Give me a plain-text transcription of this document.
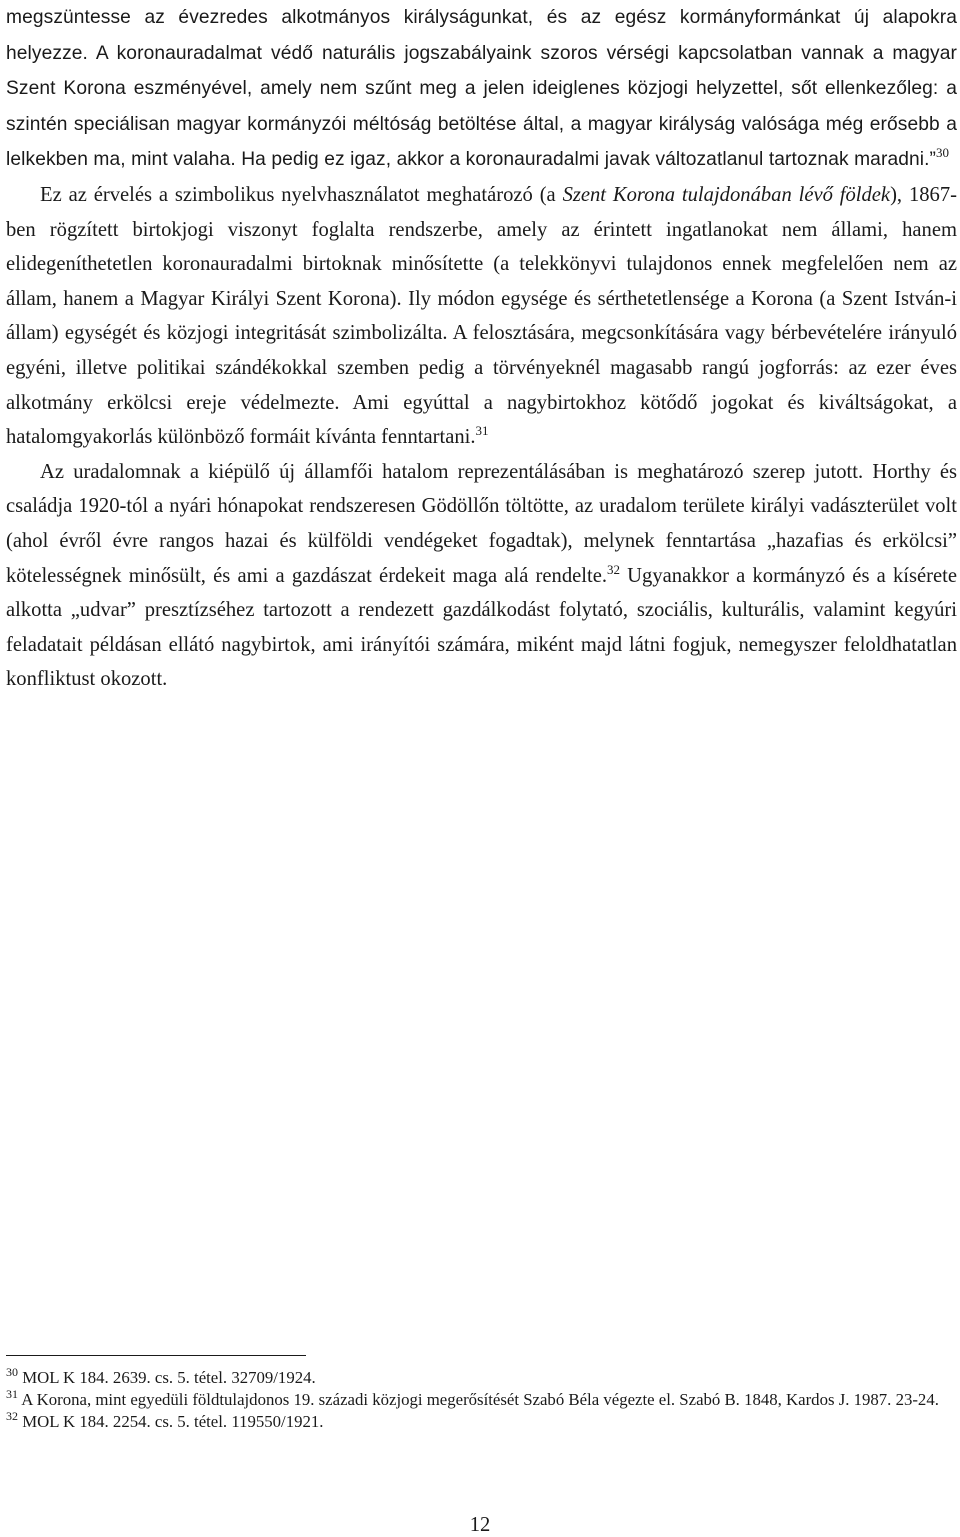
megszüntesse az évezredes alkotmányos királyságunkat, és az egész kormányformánkat új alapokra helyezze. A koronauradalmat védő naturális jogszabályaink szoros vérségi kapcsolatban vannak a magyar Szent Korona eszményével, amely nem szűnt meg a jelen ideiglenes közjogi helyzettel, sőt ellenkezőleg: a szintén speciálisan magyar kormányzói méltóság betöltése által, a magyar királyság valósága még erősebb a lelkekben ma, mint valaha. Ha pedig ez igaz, akkor a koronauradalmi javak változatlanul tartoznak maradni.”$^{30}$

Ez az érvelés a szimbolikus nyelvhasználatot meghatározó (a Szent Korona tulajdonában lévő földek), 1867-ben rögzített birtokjogi viszonyt foglalta rendszerbe, amely az érintett ingatlanokat nem állami, hanem elidegeníthetetlen koronauradalmi birtoknak minősítette (a telekkönyvi tulajdonos ennek megfelelően nem az állam, hanem a Magyar Királyi Szent Korona). Ily módon egysége és sérthetetlensége a Korona (a Szent István-i állam) egységét és közjogi integritását szimbolizálta. A felosztására, megcsonkítására vagy bérbevételére irányuló egyéni, illetve politikai szándékokkal szemben pedig a törvényeknél magasabb rangú jogforrás: az ezer éves alkotmány erkölcsi ereje védelmezte. Ami egyúttal a nagybirtokhoz kötődő jogokat és kiváltságokat, a hatalomgyakorlás különböző formáit kívánta fenntartani.$^{31}$

Az uradalomnak a kiépülő új államfői hatalom reprezentálásában is meghatározó szerep jutott. Horthy és családja 1920-tól a nyári hónapokat rendszeresen Gödöllőn töltötte, az uradalom területe királyi vadászterület volt (ahol évről évre rangos hazai és külföldi vendégeket fogadtak), melynek fenntartása „hazafias és erkölcsi” kötelességnek minősült, és ami a gazdászat érdekeit maga alá rendelte.$^{32}$ Ugyanakkor a kormányzó és a kísérete alkotta „udvar” presztízséhez tartozott a rendezett gazdálkodást folytató, szociális, kulturális, valamint kegyúri feladatait példásan ellátó nagybirtok, ami irányítói számára, miként majd látni fogjuk, nemegyszer feloldhatatlan konfliktust okozott.

$^{30}$ MOL K 184. 2639. cs. 5. tétel. 32709/1924.

$^{31}$ A Korona, mint egyedüli földtulajdonos 19. századi közjogi megerősítését Szabó Béla végezte el. Szabó B. 1848, Kardos J. 1987. 23-24.

$^{32}$ MOL K 184. 2254. cs. 5. tétel. 119550/1921.

12
